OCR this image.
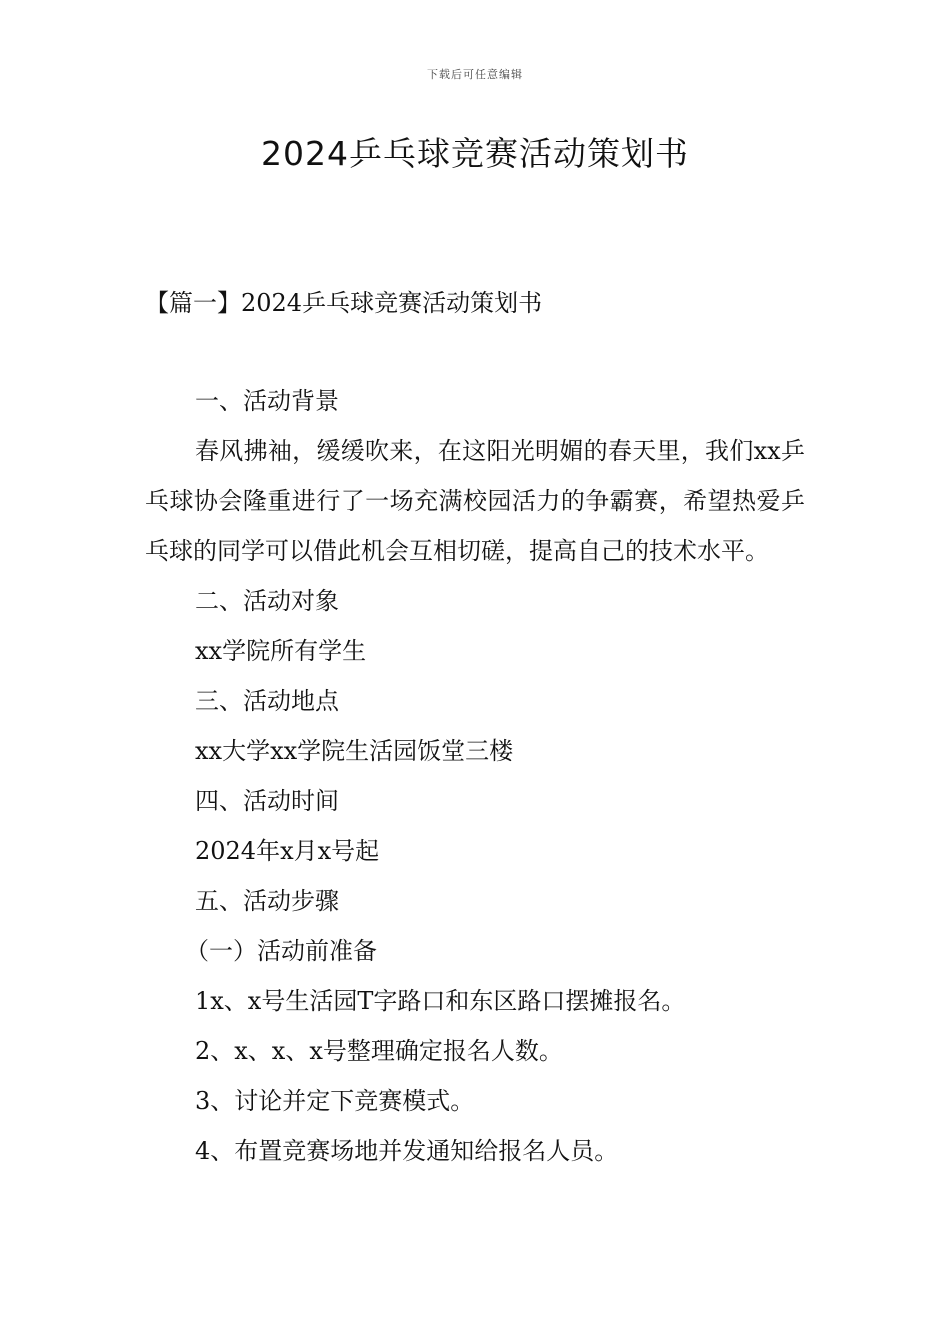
下载后可任意编辑
2024乒乓球竞赛活动策划书

【篇一】2024乒乓球竞赛活动策划书

一、活动背景

春风拂袖，缓缓吹来，在这阳光明媚的春天里，我们xx乒乓球协会隆重进行了一场充满校园活力的争霸赛，希望热爱乒乓球的同学可以借此机会互相切磋，提高自己的技术水平。

二、活动对象

xx学院所有学生

三、活动地点

xx大学xx学院生活园饭堂三楼

四、活动时间

2024年x月x号起

五、活动步骤

（一）活动前准备

1x、x号生活园T字路口和东区路口摆摊报名。

2、x、x、x号整理确定报名人数。

3、讨论并定下竞赛模式。

4、布置竞赛场地并发通知给报名人员。
